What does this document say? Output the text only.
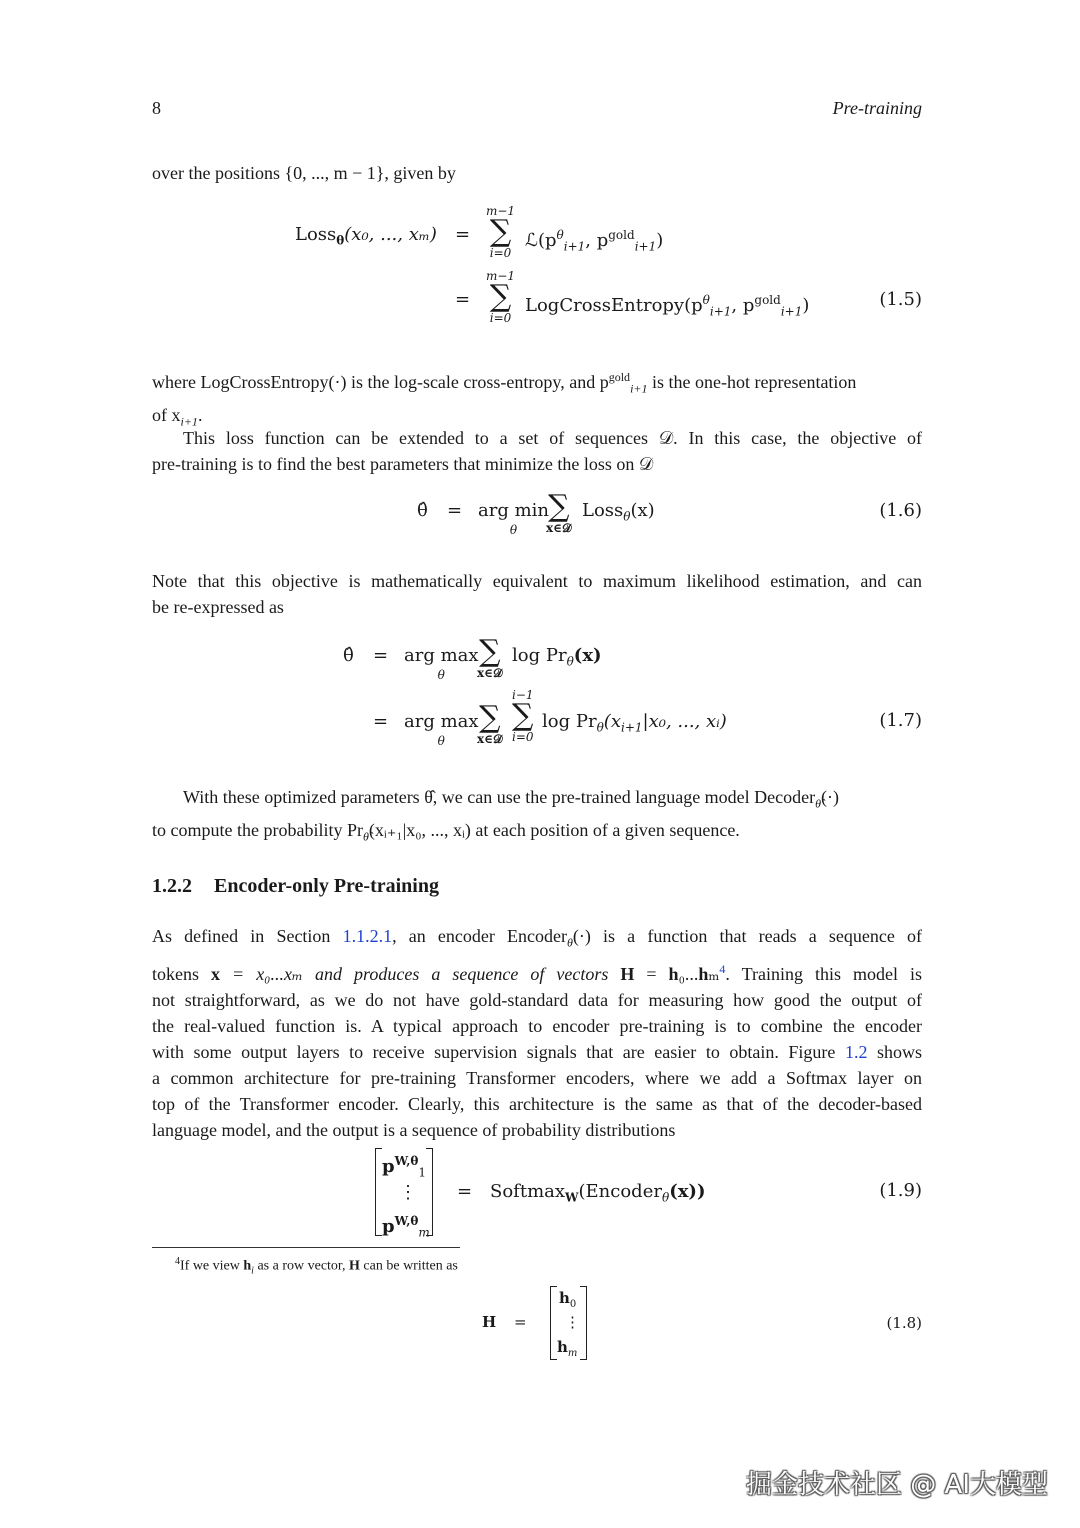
8	Pre-training
over the positions {0, ..., m − 1}, given by
Loss$_\theta$(x₀, ..., xₘ) =
m−1
∑
i=0
$ℒ(p^\theta_{i+1}$, $p^{gold}_{i+1}$)
=
m−1
∑
i=0
$LogCrossEntropy(p^\theta_{i+1}$, $p^{gold}_{i+1}$)	(1.5)
where LogCrossEntropy(·) is the log-scale cross-entropy, and $p^{gold}_{i+1}$ is the one-hot representation
of $x_{i+1}$.
This loss function can be extended to a set of sequences 𝒟. In this case, the objective of
pre-training is to find the best parameters that minimize the loss on 𝒟
θ̂ = arg min
θ
∑
x∈𝒟
Loss$_\theta$(x)	(1.6)
Note that this objective is mathematically equivalent to maximum likelihood estimation, and can
be re-expressed as
θ̂ = arg max
θ
∑
x∈𝒟
$\log Pr_\theta(x)$
= arg max
θ
∑
x∈𝒟
i−1
∑
i=0
$\log Pr_\theta(x_{i+1}|x_0$, ..., xᵢ)	(1.7)
With these optimized parameters θ̂, we can use the pre-trained language model Decoder$_{\thetâ}$(·)
to compute the probability $Pr_{\thetâ}(xᵢ_{+1}|x_0$, ..., xᵢ) at each position of a given sequence.
1.2.2 Encoder-only Pre-training
As defined in Section 1.1.2.1, an encoder Encoder$_\theta$(·) is a function that reads a sequence of
tokens x = x₀...xₘ and produces a sequence of vectors H = h₀...hₘ$^4$. Training this model is
not straightforward, as we do not have gold-standard data for measuring how good the output of
the real-valued function is. A typical approach to encoder pre-training is to combine the encoder
with some output layers to receive supervision signals that are easier to obtain. Figure 1.2 shows
a common architecture for pre-training Transformer encoders, where we add a Softmax layer on
top of the Transformer encoder. Clearly, this architecture is the same as that of the decoder-based
language model, and the output is a sequence of probability distributions
$p^{W,\theta}_1$
⋮
$p^{W,\theta}_m$
= Softmax$_W$(Encoder$_\theta$(x))	(1.9)
$^4$If we view $h_i$ as a row vector, H can be written as
H =
$h_0$
⋮
$h_m$
(1.8)
掘金技术社区 @ AI大模型
